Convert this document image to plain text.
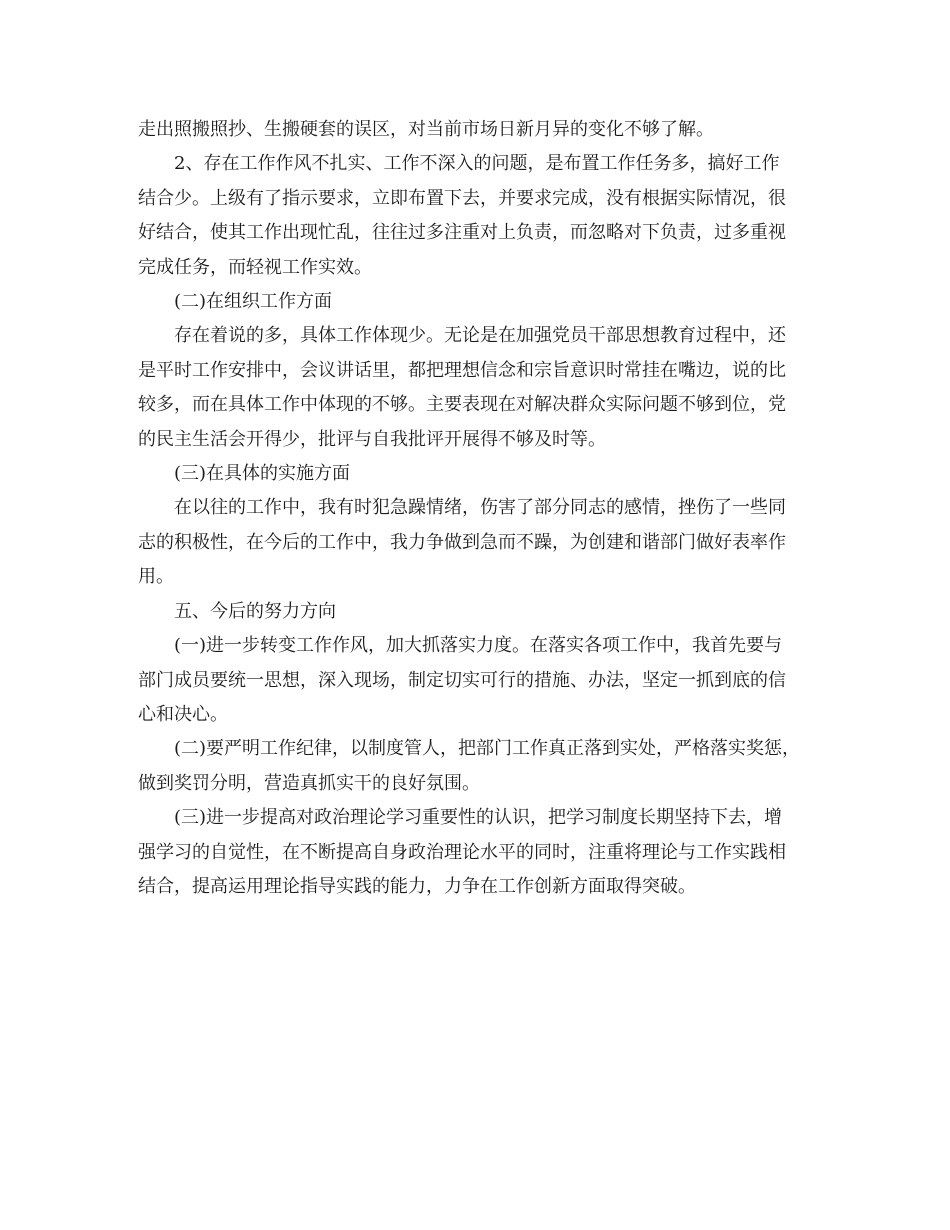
走出照搬照抄、生搬硬套的误区，对当前市场日新月异的变化不够了解。

2、存在工作作风不扎实、工作不深入的问题，是布置工作任务多，搞好工作
结合少。上级有了指示要求，立即布置下去，并要求完成，没有根据实际情况，很
好结合，使其工作出现忙乱，往往过多注重对上负责，而忽略对下负责，过多重视
完成任务，而轻视工作实效。

(二)在组织工作方面

存在着说的多，具体工作体现少。无论是在加强党员干部思想教育过程中，还
是平时工作安排中，会议讲话里，都把理想信念和宗旨意识时常挂在嘴边，说的比
较多，而在具体工作中体现的不够。主要表现在对解决群众实际问题不够到位，党
的民主生活会开得少，批评与自我批评开展得不够及时等。

(三)在具体的实施方面

在以往的工作中，我有时犯急躁情绪，伤害了部分同志的感情，挫伤了一些同
志的积极性，在今后的工作中，我力争做到急而不躁，为创建和谐部门做好表率作
用。

五、今后的努力方向

(一)进一步转变工作作风，加大抓落实力度。在落实各项工作中，我首先要与
部门成员要统一思想，深入现场，制定切实可行的措施、办法，坚定一抓到底的信
心和决心。

(二)要严明工作纪律，以制度管人，把部门工作真正落到实处，严格落实奖惩，
做到奖罚分明，营造真抓实干的良好氛围。

(三)进一步提高对政治理论学习重要性的认识，把学习制度长期坚持下去，增
强学习的自觉性，在不断提高自身政治理论水平的同时，注重将理论与工作实践相
结合，提高运用理论指导实践的能力，力争在工作创新方面取得突破。
